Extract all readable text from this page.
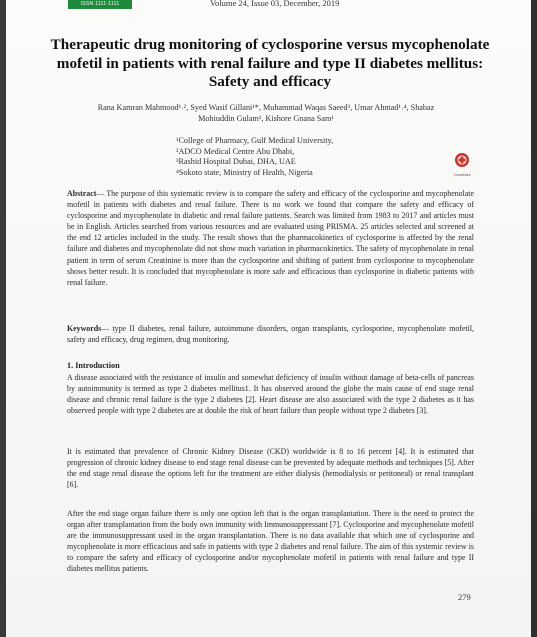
ISSN 1111-1111	Volume 24, Issue 03, December, 2019
Therapeutic drug monitoring of cyclosporine versus mycophenolate mofetil in patients with renal failure and type II diabetes mellitus: Safety and efficacy
Rana Kamran Mahmood¹˒², Syed Wasif Gillani¹*, Muhammad Waqas Saeed³, Umar Ahmad¹˒⁴, Shabaz
Mohiuddin Gulam¹, Kishore Gnana Sam¹
¹College of Pharmacy, Gulf Medical University,
²ADCO Medical Centre Abu Dhabi,
³Rashid Hospital Dubai, DHA, UAE
⁴Sokoto state, Ministry of Health, Nigeria	CrossMark

Abstract— The purpose of this systematic review is to compare the safety and efficacy of the cyclosporine and mycophenolate mofetil in patients with diabetes and renal failure. There is no work we found that compare the safety and efficacy of cyclosporine and mycophenolate in diabetic and renal failure patients. Search was limited from 1983 to 2017 and articles must be in English. Articles searched from various resources and are evaluated using PRISMA. 25 articles selected and screened at the end 12 articles included in the study. The result shows that the pharmacokinetics of cyclosporine is affected by the renal failure and diabetes and mycophenolate did not show much variation in pharmacokinetics. The safety of mycophenolate in renal patient in term of serum Creatinine is more than the cyclosporine and shifting of patient from cyclosporine to mycophenolate shows better result. It is concluded that mycophenolate is more safe and efficacious than cyclosporine in diabetic patients with renal failure.

Keywords— type II diabetes, renal failure, autoimmune disorders, organ transplants, cyclosporine, mycophenolate mofetil, safety and efficacy, drug regimen, drug monitoring.

1. Introduction

A disease associated with the resistance of insulin and somewhat deficiency of insulin without damage of beta-cells of pancreas by autoimmunity is termed as type 2 diabetes mellitus1. It has observed around the globe the main cause of end stage renal disease and chronic renal failure is the type 2 diabetes [2]. Heart disease are also associated with the type 2 diabetes as it has observed people with type 2 diabetes are at double the risk of heart failure than people without type 2 diabetes [3].

It is estimated that prevalence of Chronic Kidney Disease (CKD) worldwide is 8 to 16 percent [4]. It is estimated that progression of chronic kidney disease to end stage renal disease can be prevented by adequate methods and techniques [5]. After the end stage renal disease the options left for the treatment are either dialysis (hemodialysis or peritoneal) or renal transplant [6].

After the end stage organ failure there is only one option left that is the organ transplantation. There is the need to protect the organ after transplantation from the body own immunity with Immunosuppressant [7]. Cyclosporine and mycophenolate mofetil are the immunosuppressant used in the organ transplantation. There is no data available that which one of cyclosporine and mycophenolate is more efficacious and safe in patients with type 2 diabetes and renal failure. The aim of this systemic review is to compare the safety and efficacy of cyclosporine and/or mycophenolate mofetil in patients with renal failure and type II diabetes mellitus patients.

279
